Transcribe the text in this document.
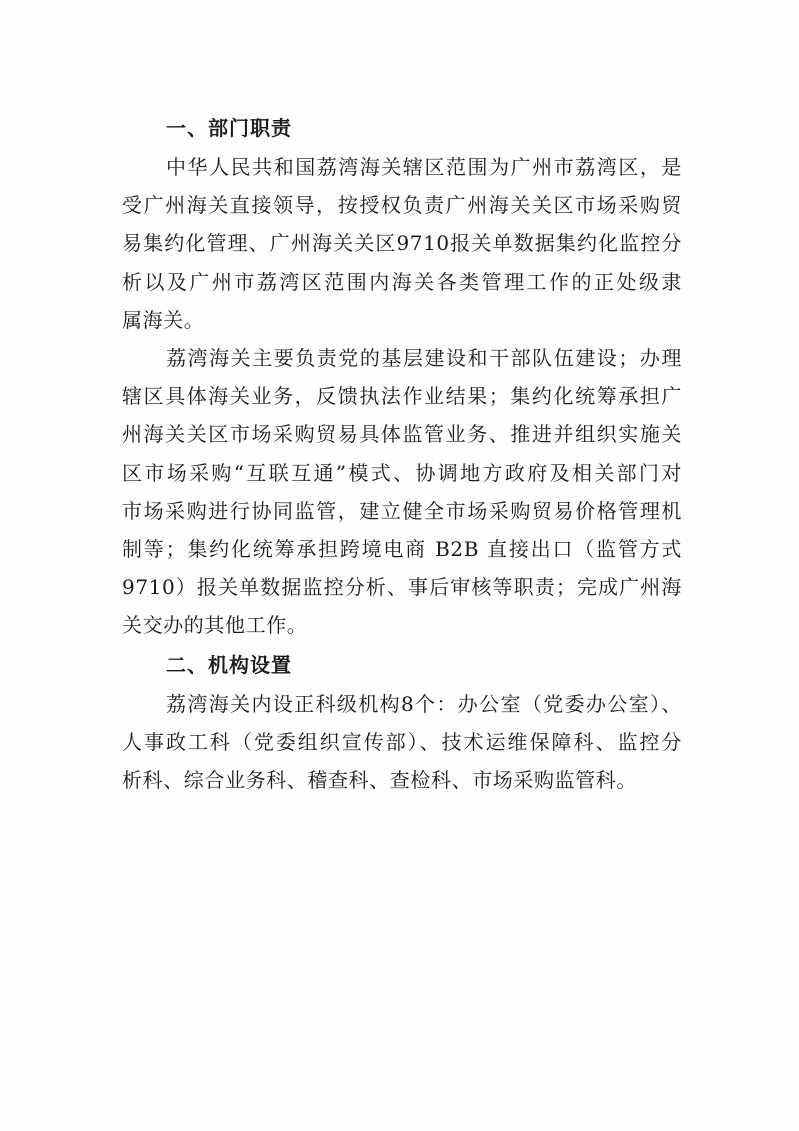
一、部门职责

中华人民共和国荔湾海关辖区范围为广州市荔湾区，是
受广州海关直接领导，按授权负责广州海关关区市场采购贸
易集约化管理、广州海关关区9710报关单数据集约化监控分
析以及广州市荔湾区范围内海关各类管理工作的正处级隶
属海关。

荔湾海关主要负责党的基层建设和干部队伍建设；办理
辖区具体海关业务，反馈执法作业结果；集约化统筹承担广
州海关关区市场采购贸易具体监管业务、推进并组织实施关
区市场采购“互联互通”模式、协调地方政府及相关部门对
市场采购进行协同监管，建立健全市场采购贸易价格管理机
制等；集约化统筹承担跨境电商 B2B 直接出口（监管方式
9710）报关单数据监控分析、事后审核等职责；完成广州海
关交办的其他工作。

二、机构设置

荔湾海关内设正科级机构8个：办公室（党委办公室）、
人事政工科（党委组织宣传部）、技术运维保障科、监控分
析科、综合业务科、稽查科、查检科、市场采购监管科。
